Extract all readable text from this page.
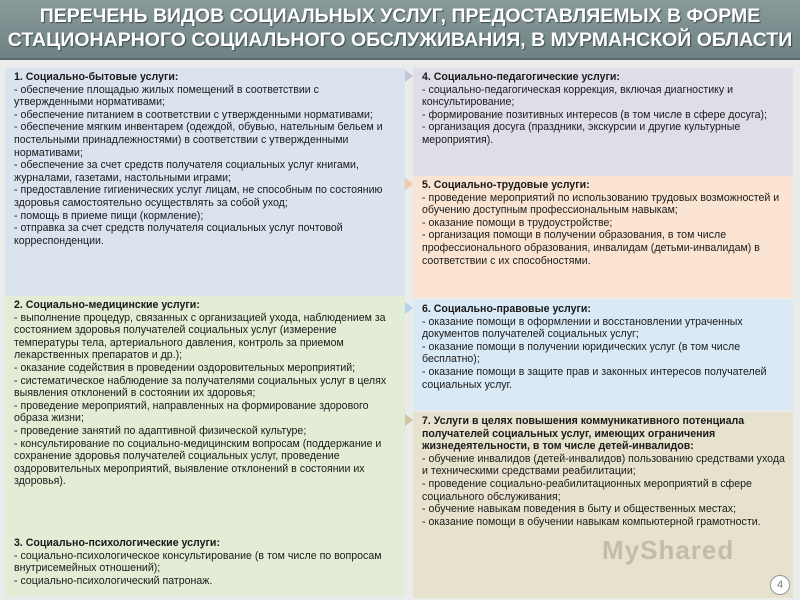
ПЕРЕЧЕНЬ ВИДОВ СОЦИАЛЬНЫХ УСЛУГ, ПРЕДОСТАВЛЯЕМЫХ В ФОРМЕ
СТАЦИОНАРНОГО СОЦИАЛЬНОГО ОБСЛУЖИВАНИЯ, В МУРМАНСКОЙ ОБЛАСТИ
1. Социально-бытовые услуги:
- обеспечение площадью жилых помещений в соответствии с утвержденными нормативами;
- обеспечение питанием в соответствии с утвержденными нормативами;
- обеспечение мягким инвентарем (одеждой, обувью, нательным бельем и постельными принадлежностями) в соответствии с утвержденными нормативами;
- обеспечение за счет средств получателя социальных услуг книгами, журналами, газетами, настольными играми;
- предоставление гигиенических услуг лицам, не способным по состоянию здоровья самостоятельно осуществлять за собой уход;
- помощь в приеме пищи (кормление);
- отправка за счет средств получателя социальных услуг почтовой корреспонденции.
2. Социально-медицинские услуги:
- выполнение процедур, связанных с организацией ухода, наблюдением за состоянием здоровья получателей социальных услуг (измерение температуры тела, артериального давления, контроль за приемом лекарственных препаратов и др.);
- оказание содействия в проведении оздоровительных мероприятий;
- систематическое наблюдение за получателями социальных услуг в целях выявления отклонений в состоянии их здоровья;
- проведение мероприятий, направленных на формирование здорового образа жизни;
- проведение занятий по адаптивной физической культуре;
- консультирование по социально-медицинским вопросам (поддержание и сохранение здоровья получателей социальных услуг, проведение оздоровительных мероприятий, выявление отклонений в состоянии их здоровья).
3. Социально-психологические услуги:
- социально-психологическое консультирование (в том числе по вопросам внутрисемейных отношений);
- социально-психологический патронаж.
4. Социально-педагогические услуги:
- социально-педагогическая коррекция, включая диагностику и консультирование;
- формирование позитивных интересов (в том числе в сфере досуга);
- организация досуга (праздники, экскурсии и другие культурные мероприятия).
5. Социально-трудовые услуги:
- проведение мероприятий по использованию трудовых возможностей и обучению доступным профессиональным навыкам;
- оказание помощи в трудоустройстве;
- организация помощи в получении образования, в том числе профессионального образования, инвалидам (детьми-инвалидам) в соответствии с их способностями.
6. Социально-правовые услуги:
- оказание помощи в оформлении и восстановлении утраченных документов получателей социальных услуг;
- оказание помощи в получении юридических услуг (в том числе бесплатно);
- оказание помощи в защите прав и законных интересов получателей социальных услуг.
7. Услуги в целях повышения коммуникативного потенциала получателей социальных услуг, имеющих ограничения жизнедеятельности, в том числе детей-инвалидов:
- обучение инвалидов (детей-инвалидов) пользованию средствами ухода и техническими средствами реабилитации;
- проведение социально-реабилитационных мероприятий в сфере социального обслуживания;
- обучение навыкам поведения в быту и общественных местах;
- оказание помощи в обучении навыкам компьютерной грамотности.
MyShared
4
